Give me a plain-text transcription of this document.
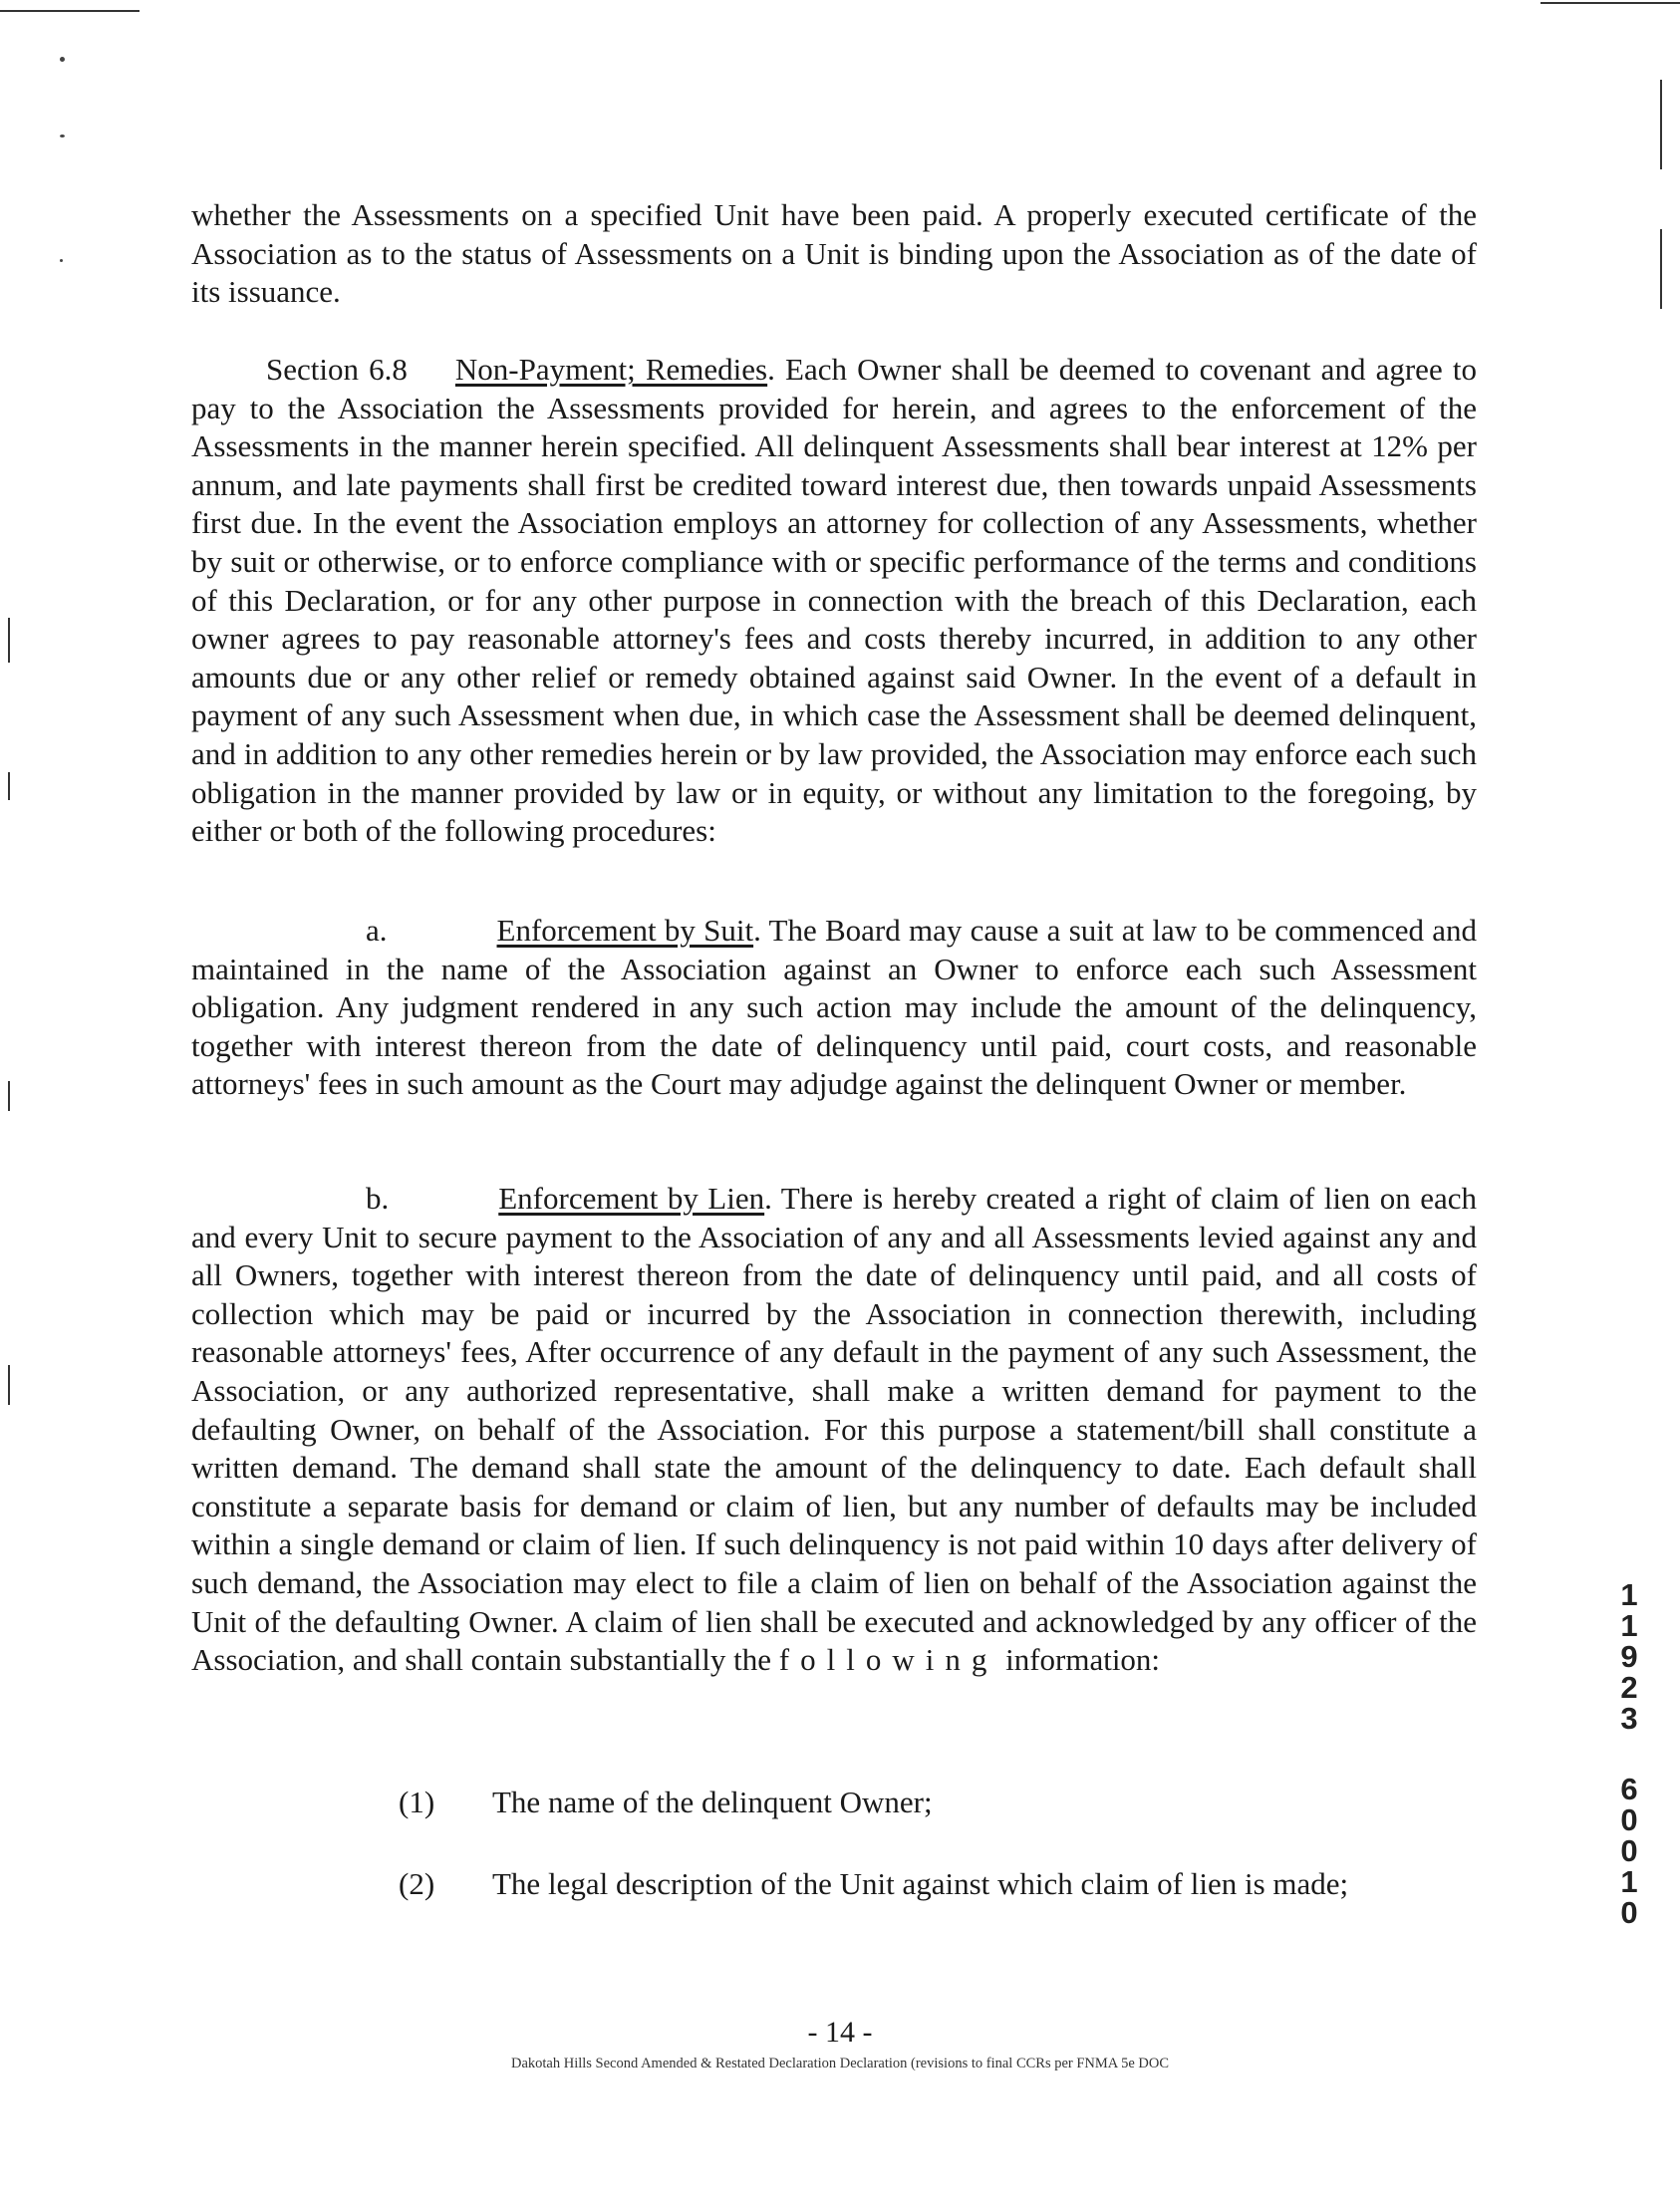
whether the Assessments on a specified Unit have been paid. A properly executed certificate of the Association as to the status of Assessments on a Unit is binding upon the Association as of the date of its issuance.
Section 6.8 Non-Payment; Remedies. Each Owner shall be deemed to covenant and agree to pay to the Association the Assessments provided for herein, and agrees to the enforcement of the Assessments in the manner herein specified. All delinquent Assessments shall bear interest at 12% per annum, and late payments shall first be credited toward interest due, then towards unpaid Assessments first due. In the event the Association employs an attorney for collection of any Assessments, whether by suit or otherwise, or to enforce compliance with or specific performance of the terms and conditions of this Declaration, or for any other purpose in connection with the breach of this Declaration, each owner agrees to pay reasonable attorney's fees and costs thereby incurred, in addition to any other amounts due or any other relief or remedy obtained against said Owner. In the event of a default in payment of any such Assessment when due, in which case the Assessment shall be deemed delinquent, and in addition to any other remedies herein or by law provided, the Association may enforce each such obligation in the manner provided by law or in equity, or without any limitation to the foregoing, by either or both of the following procedures:
a.	Enforcement by Suit. The Board may cause a suit at law to be commenced and maintained in the name of the Association against an Owner to enforce each such Assessment obligation. Any judgment rendered in any such action may include the amount of the delinquency, together with interest thereon from the date of delinquency until paid, court costs, and reasonable attorneys' fees in such amount as the Court may adjudge against the delinquent Owner or member.
b.	Enforcement by Lien. There is hereby created a right of claim of lien on each and every Unit to secure payment to the Association of any and all Assessments levied against any and all Owners, together with interest thereon from the date of delinquency until paid, and all costs of collection which may be paid or incurred by the Association in connection therewith, including reasonable attorneys' fees, After occurrence of any default in the payment of any such Assessment, the Association, or any authorized representative, shall make a written demand for payment to the defaulting Owner, on behalf of the Association. For this purpose a statement/bill shall constitute a written demand. The demand shall state the amount of the delinquency to date. Each default shall constitute a separate basis for demand or claim of lien, but any number of defaults may be included within a single demand or claim of lien. If such delinquency is not paid within 10 days after delivery of such demand, the Association may elect to file a claim of lien on behalf of the Association against the Unit of the defaulting Owner. A claim of lien shall be executed and acknowledged by any officer of the Association, and shall contain substantially the following information:
(1) The name of the delinquent Owner;
(2) The legal description of the Unit against which claim of lien is made;
- 14 -
Dakotah Hills Second Amended & Restated Declaration Declaration (revisions to final CCRs per FNMA 5e DOC
1
1
9
2
3
6
0
0
1
0
